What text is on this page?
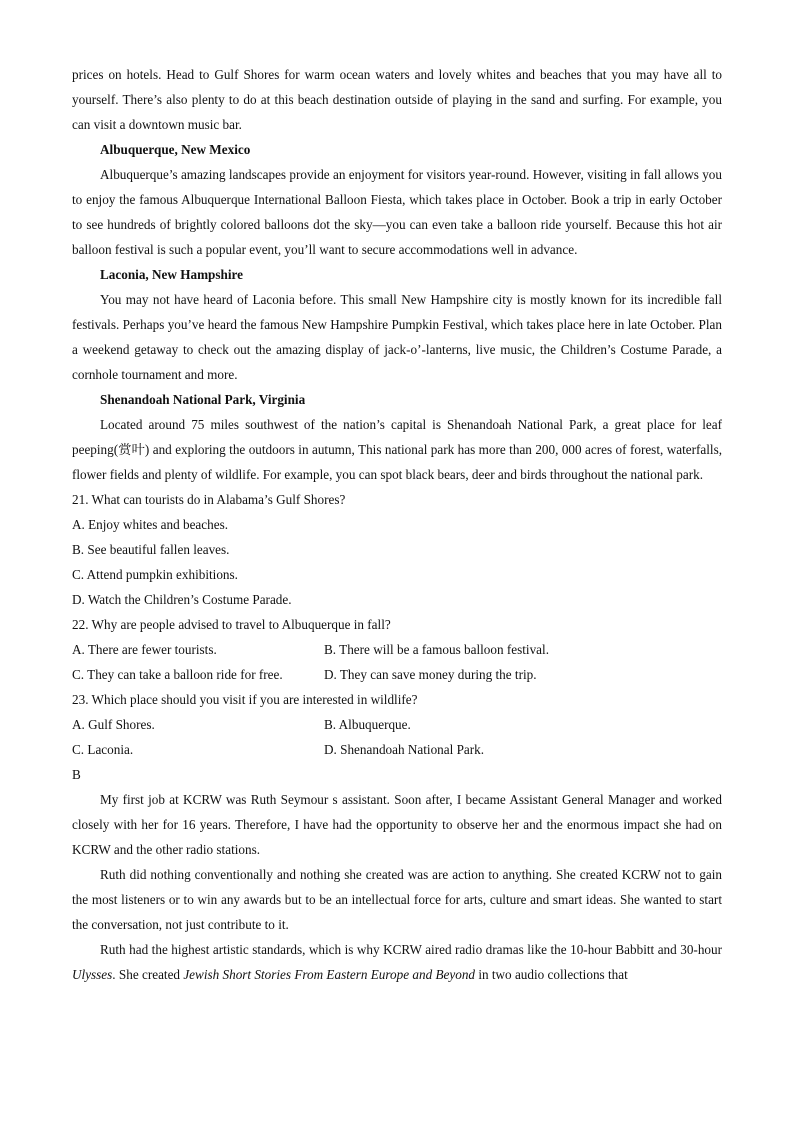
prices on hotels. Head to Gulf Shores for warm ocean waters and lovely whites and beaches that you may have all to yourself. There’s also plenty to do at this beach destination outside of playing in the sand and surfing. For example, you can visit a downtown music bar.

Albuquerque, New Mexico

Albuquerque’s amazing landscapes provide an enjoyment for visitors year-round. However, visiting in fall allows you to enjoy the famous Albuquerque International Balloon Fiesta, which takes place in October. Book a trip in early October to see hundreds of brightly colored balloons dot the sky—you can even take a balloon ride yourself. Because this hot air balloon festival is such a popular event, you’ll want to secure accommodations well in advance.

Laconia, New Hampshire

You may not have heard of Laconia before. This small New Hampshire city is mostly known for its incredible fall festivals. Perhaps you’ve heard the famous New Hampshire Pumpkin Festival, which takes place here in late October. Plan a weekend getaway to check out the amazing display of jack-o’-lanterns, live music, the Children’s Costume Parade, a cornhole tournament and more.

Shenandoah National Park, Virginia

Located around 75 miles southwest of the nation’s capital is Shenandoah National Park, a great place for leaf peeping(赏叶) and exploring the outdoors in autumn, This national park has more than 200, 000 acres of forest, waterfalls, flower fields and plenty of wildlife. For example, you can spot black bears, deer and birds throughout the national park.

21. What can tourists do in Alabama’s Gulf Shores?

A. Enjoy whites and beaches.

B. See beautiful fallen leaves.

C. Attend pumpkin exhibitions.

D. Watch the Children’s Costume Parade.

22. Why are people advised to travel to Albuquerque in fall?

A. There are fewer tourists.	B. There will be a famous balloon festival.
C. They can take a balloon ride for free.	D. They can save money during the trip.

23. Which place should you visit if you are interested in wildlife?

A. Gulf Shores.	B. Albuquerque.
C. Laconia.	D. Shenandoah National Park.

B

My first job at KCRW was Ruth Seymour s assistant. Soon after, I became Assistant General Manager and worked closely with her for 16 years. Therefore, I have had the opportunity to observe her and the enormous impact she had on KCRW and the other radio stations.

Ruth did nothing conventionally and nothing she created was are action to anything. She created KCRW not to gain the most listeners or to win any awards but to be an intellectual force for arts, culture and smart ideas. She wanted to start the conversation, not just contribute to it.

Ruth had the highest artistic standards, which is why KCRW aired radio dramas like the 10-hour Babbitt and 30-hour Ulysses. She created Jewish Short Stories From Eastern Europe and Beyond in two audio collections that
